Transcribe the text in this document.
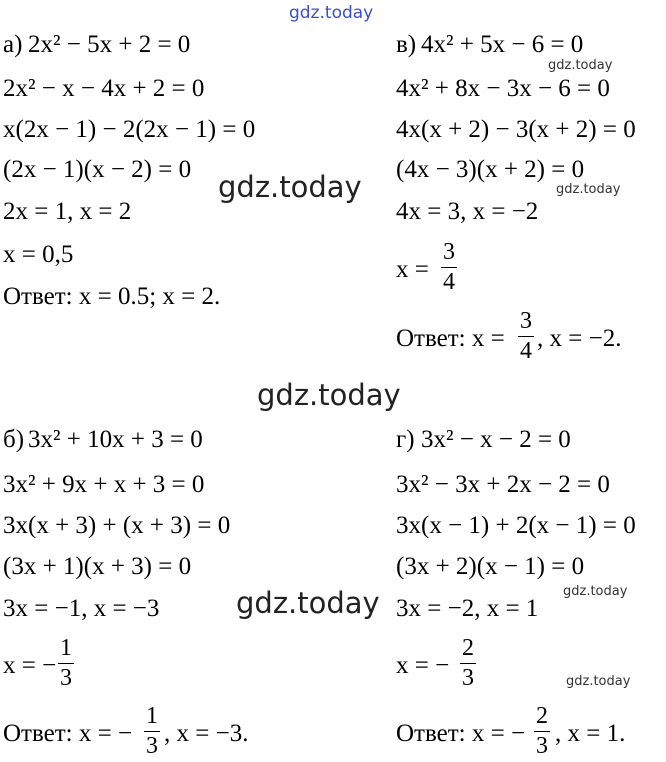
gdz.today
gdz.today
gdz.today
gdz.today
gdz.today
gdz.today
gdz.today
gdz.today
а) 2x² − 5x + 2 = 0
2x² − x − 4x + 2 = 0
x(2x − 1) − 2(2x − 1) = 0
(2x − 1)(x − 2) = 0
2x = 1, x = 2
x = 0,5
Ответ: x = 0.5; x = 2.
в) 4x² + 5x − 6 = 0
4x² + 8x − 3x − 6 = 0
4x(x + 2) − 3(x + 2) = 0
(4x − 3)(x + 2) = 0
4x = 3, x = −2
x =
3
4
Ответ: x =
3
4 , x = −2.
б) 3x² + 10x + 3 = 0
3x² + 9x + x + 3 = 0
3x(x + 3) + (x + 3) = 0
(3x + 1)(x + 3) = 0
3x = −1, x = −3
x = −
1
3
Ответ: x = −
1
3 , x = −3.
г) 3x² − x − 2 = 0
3x² − 3x + 2x − 2 = 0
3x(x − 1) + 2(x − 1) = 0
(3x + 2)(x − 1) = 0
3x = −2, x = 1
x = −
2
3
Ответ: x = −
2
3 , x = 1.
